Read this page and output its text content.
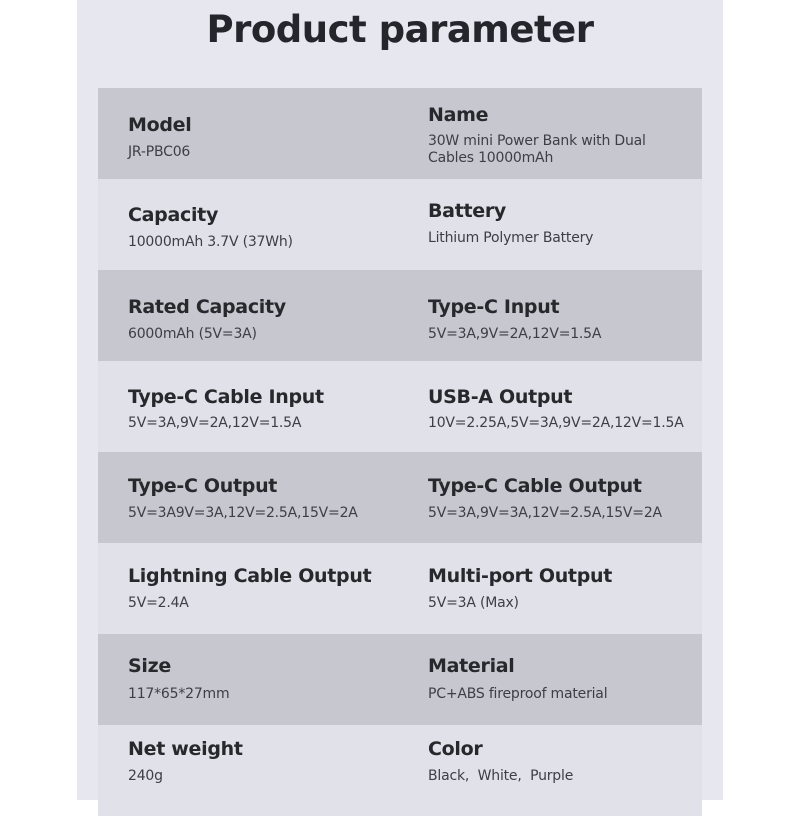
Product parameter
Model
JR-PBC06
Name
30W mini Power Bank with Dual Cables 10000mAh
Capacity
10000mAh 3.7V (37Wh)
Battery
Lithium Polymer Battery
Rated Capacity
6000mAh (5V=3A)
Type-C Input
5V=3A,9V=2A,12V=1.5A
Type-C Cable Input
5V=3A,9V=2A,12V=1.5A
USB-A Output
10V=2.25A,5V=3A,9V=2A,12V=1.5A
Type-C Output
5V=3A9V=3A,12V=2.5A,15V=2A
Type-C Cable Output
5V=3A,9V=3A,12V=2.5A,15V=2A
Lightning Cable Output
5V=2.4A
Multi-port Output
5V=3A (Max)
Size
117*65*27mm
Material
PC+ABS fireproof material
Net weight
240g
Color
Black,  White,  Purple
